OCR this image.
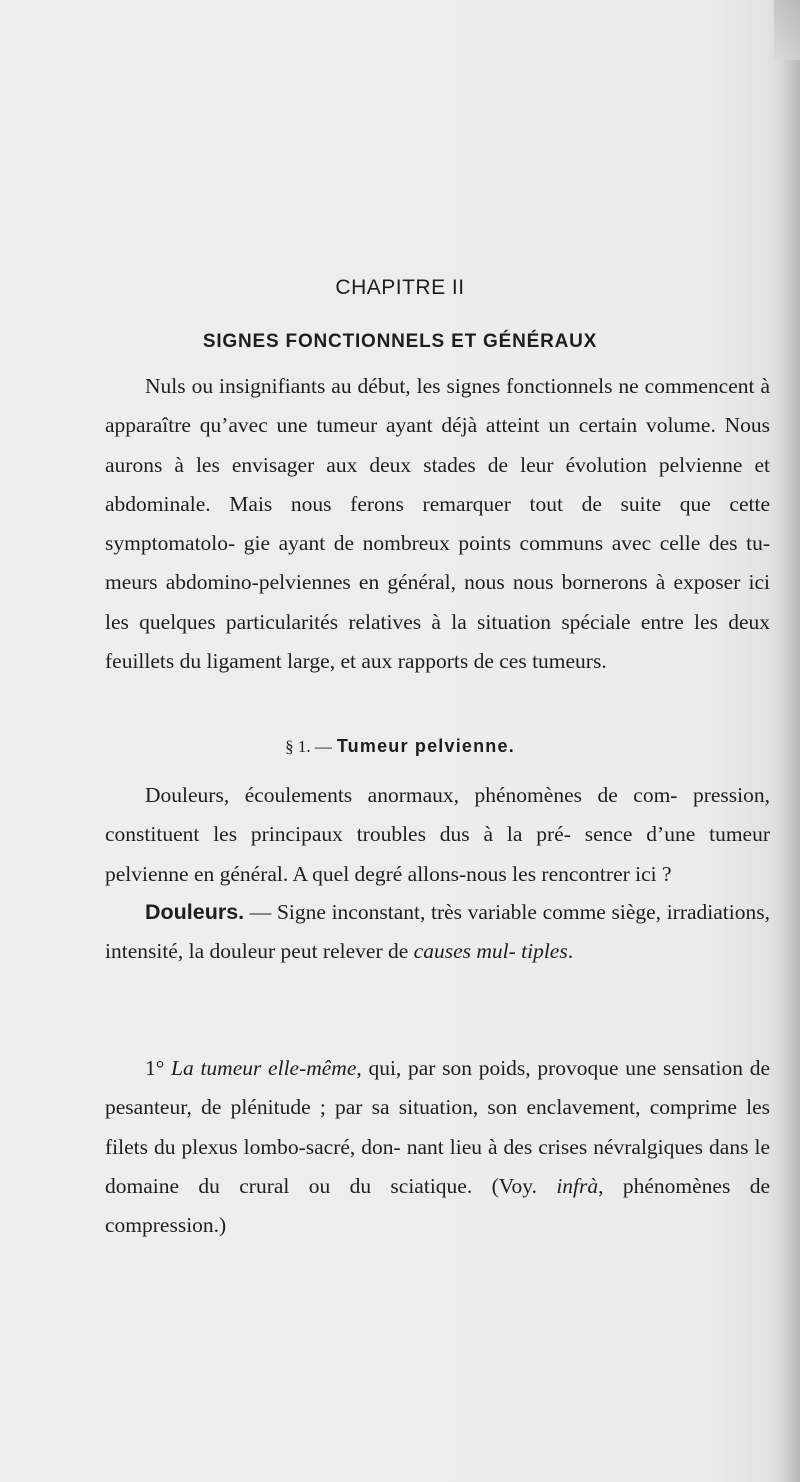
CHAPITRE II
SIGNES FONCTIONNELS ET GÉNÉRAUX

Nuls ou insignifiants au début, les signes fonctionnels ne commencent à apparaître qu’avec une tumeur ayant déjà atteint un certain volume. Nous aurons à les envisager aux deux stades de leur évolution pelvienne et abdominale. Mais nous ferons remarquer tout de suite que cette symptomatolo- gie ayant de nombreux points communs avec celle des tu- meurs abdomino-pelviennes en général, nous nous bornerons à exposer ici les quelques particularités relatives à la situation spéciale entre les deux feuillets du ligament large, et aux rapports de ces tumeurs.

§ 1. — Tumeur pelvienne.

Douleurs, écoulements anormaux, phénomènes de com- pression, constituent les principaux troubles dus à la pré- sence d’une tumeur pelvienne en général. A quel degré allons-nous les rencontrer ici ?

Douleurs. — Signe inconstant, très variable comme siège, irradiations, intensité, la douleur peut relever de causes mul- tiples.

1° La tumeur elle-même, qui, par son poids, provoque une sensation de pesanteur, de plénitude ; par sa situation, son enclavement, comprime les filets du plexus lombo-sacré, don- nant lieu à des crises névralgiques dans le domaine du crural ou du sciatique. (Voy. infrà, phénomènes de compression.)
